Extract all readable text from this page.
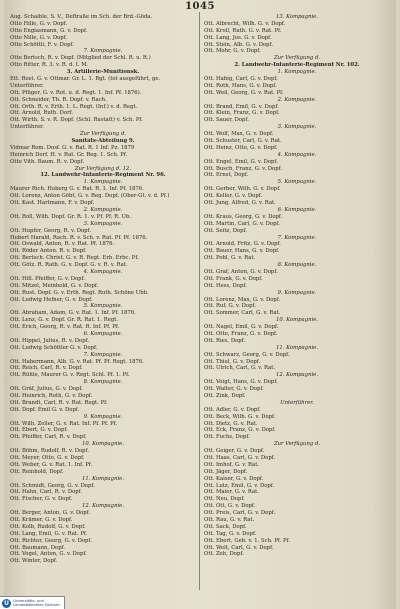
1045
Aug. Schaible, S. V., Deftraße im Sch. der Brd.-Göda.
Otto Hille, G. v. Dopf.
Otto Englasmann, G. v. Dopf.
Otto Nille, G. v. Dopf.
Otto Schöttli, F. v. Dopf.
7. Kompagnie.
Otto Bertsch, R. v. Dopf. (Mitglied der Schl. R. u. R.)
Otto Ritter, R. 3. v. R. d. I. M.
3. Artillerie-Munitionsk.
Ett. Rost. G. v. Ottmar. Gr. L. 1. Rgt. (tot ausgeführt, ge.
Unterführer.
Ott. Pfüger, G. v. Rot. u. d. Regt. 1. Inf. Pf. 1876).
Ott. Schneider, Th. R. Dopf. v. Rach.
Ott. Orth. R. v. Erth. 1. L. Regt. (Inf.) v. d. Regt.
Ott. Arnold, Ruth. Dorf.
Ott. Wirth. S. v. R. Dopf. (Schl. Rastatt) v. Sch. Pf.
Unterführer.
Zur Verfügung d.
Sanitäts-Abteilung 9.
Vidmar Rom. Dosf. G. v. Rat. R. 1 Inf. Pz. 1879
Heinrich Dorf. H. v. Rat. Gr. Reg. 1. Sch. Pf.
Otto Vith. Baum. R. v. Dopf.
Zur Verfügung d. 12.
12. Landwehr-Infanterie-Regiment Nr. 96.
1. Kompagnie.
Maurer Rich. Hoberg G. v. Rat. R. 1. Inf. Pf. 1876.
Ott. Lorenz, Anton Göbt, G. v. Reg. Dopf. (Ober-Gt. v. d. Pf.)
Ott. Kast. Hartmann, F. v. Dopf.
2. Kompagnie.
Ott. Roll, Wilh. Dopf. Gr. R. 1. v. Pf. Pf. R. Ub.
3. Kompagnie.
Ott. Hupfer, Georg, R. v. Dopf.
Hubert Harald, Rach. R. v. Sch. v. Rat. Pf. Pf. 1876.
Ott. Oswald, Anton, R. v. Rat. Pf. 1876.
Ott. Röder Anton. R. v. Dopf.
Ott. Bertsch. Christ. G. v. R. Regt. Erb. Erbc. Pf.
Ott. Götz. R. Rath. G. v. Dopf. G. v. R. v. Rat.
4. Kompagnie.
Ott. Hill. Pfeiffer, G. v. Dopf.
Ott. Mitzel, Meinhold, G. v. Dopf.
Ott. Rust. Dopf. G. v. Erth. Regt. Ruth. Schöne Ubb.
Ott. Ludwig Hefner, G. v. Dopf.
5. Kompagnie.
Ott. Abraham, Adam, G. v. Rat. 1. Inf. Pf. 1876.
Ott. Lenz, G. v. Dopf. Gr. R. Rat. 1. Regt.
Ott. Erich, Georg, R. v. Rat. R. Inf. Pf. Pf.
6. Kompagnie.
Ott. Hippel, Julius, R. v. Dopf.
Ott. Ludwig Schöttler G. v. Dopf.
7. Kompagnie.
Ott. Habermann, Alb. G. v. Rat. Pf. Pf. Regt. 1876.
Ott. Reich, Carl, R. v. Dopf.
Ott. Rühle, Maurer G. v. Regt. Schl. Pf. 1. Pf.
8. Kompagnie.
Ott. Gräf, Julius, G. v. Dopf.
Ott. Heinrich, Roth, G. v. Dopf.
Ott. Brandt, Carl, R. v. Rat. Regt. Pf.
Ott. Dopf. Emil G. v. Dopf.
9. Kompagnie.
Ott. Wilh. Zeller, G. v. Rat. Inf. Pf. Pf. Pf.
Ott. Ebert, G. v. Dopf.
Ott. Pfeiffer, Carl, R. v. Dopf.
10. Kompagnie.
Ott. Böhm, Rudolf, R. v. Dopf.
Ott. Meyer, Otto, G. v. Dopf.
Ott. Weber, G. v. Rat. 1. Inf. Pf.
Ott. Reinhold, Dopf.
11. Kompagnie.
Ott. Schmidt, Georg, G. v. Dopf.
Ott. Hahn, Carl, R. v. Dopf.
Ott. Fischer, G. v. Dopf.
12. Kompagnie.
Ott. Berger, Anton, G. v. Dopf.
Ott. Krämer, G. v. Dopf.
Ott. Kolb, Rudolf, G. v. Dopf.
Ott. Lang, Emil, G. v. Rat. Pf.
Ott. Richter, Georg, G. v. Dopf.
Ott. Baumann, Dopf.
Ott. Vogel, Anton, G. v. Dopf.
Ott. Winter, Dopf.
13. Kompagnie.
Ott. Albrecht, Wilh. G. v. Dopf.
Ott. Kroll, Rath. G. v. Rat. Pf.
Ott. Lang, Jos. G. v. Dopf.
Ott. Stein, Alb. G. v. Dopf.
Ott. Mohr, G. v. Dopf.
Zur Verfügung d.
2. Landwehr-Infanterie-Regiment Nr. 102.
1. Kompagnie.
Ott. Habig, Carl, G. v. Dopf.
Ott. Roth, Hans, G. v. Dopf.
Ott. Weil, Georg, G. v. Rat. Pf.
2. Kompagnie.
Ott. Brand, Emil, G. v. Dopf.
Ott. Klein, Franz, G. v. Dopf.
Ott. Sauer, Dopf.
3. Kompagnie.
Ott. Wolf, Max, G. v. Dopf.
Ott. Schuster, Carl, G. v. Rat.
Ott. Heinz, Otto, G. v. Dopf.
4. Kompagnie.
Ott. Engel, Emil, G. v. Dopf.
Ott. Busch, Franz, G. v. Dopf.
Ott. Ernst, Dopf.
5. Kompagnie.
Ott. Gerber, Wilh. G. v. Dopf.
Ott. Keller, G. v. Dopf.
Ott. Jung, Alfred, G. v. Rat.
6. Kompagnie.
Ott. Kraus, Georg, G. v. Dopf.
Ott. Martin, Carl, G. v. Dopf.
Ott. Seitz, Dopf.
7. Kompagnie.
Ott. Arnold, Fritz, G. v. Dopf.
Ott. Bauer, Hans, G. v. Dopf.
Ott. Pohl, G. v. Rat.
8. Kompagnie.
Ott. Graf, Anton, G. v. Dopf.
Ott. Frank, G. v. Dopf.
Ott. Hess, Dopf.
9. Kompagnie.
Ott. Lorenz, Max, G. v. Dopf.
Ott. Ruf, G. v. Dopf.
Ott. Sommer, Carl, G. v. Rat.
10. Kompagnie.
Ott. Nagel, Emil, G. v. Dopf.
Ott. Otto, Franz, G. v. Dopf.
Ott. Ries, Dopf.
11. Kompagnie.
Ott. Schwarz, Georg, G. v. Dopf.
Ott. Thiel, G. v. Dopf.
Ott. Ulrich, Carl, G. v. Rat.
12. Kompagnie.
Ott. Voigt, Hans, G. v. Dopf.
Ott. Walter, G. v. Dopf.
Ott. Zink, Dopf.
Unterführer.
Ott. Adler, G. v. Dopf.
Ott. Beck, Wilh. G. v. Dopf.
Ott. Dietz, G. v. Rat.
Ott. Eck, Franz, G. v. Dopf.
Ott. Fuchs, Dopf.
Zur Verfügung d.
Ott. Geiger, G. v. Dopf.
Ott. Haas, Carl, G. v. Dopf.
Ott. Imhof, G. v. Rat.
Ott. Jäger, Dopf.
Ott. Kaiser, G. v. Dopf.
Ott. Lutz, Emil, G. v. Dopf.
Ott. Maier, G. v. Rat.
Ott. Neu, Dopf.
Ott. Ott, G. v. Dopf.
Ott. Preis, Carl, G. v. Dopf.
Ott. Rau, G. v. Rat.
Ott. Sack, Dopf.
Ott. Tag, G. v. Dopf.
Ott. Ebert, Geb. v. 1. Sch. Pf. Pf.
Ott. Welt, Carl, G. v. Dopf.
Ott. Zeh, Dopf.
U	Universitäts- und
Landesbibliothek Sachsen
